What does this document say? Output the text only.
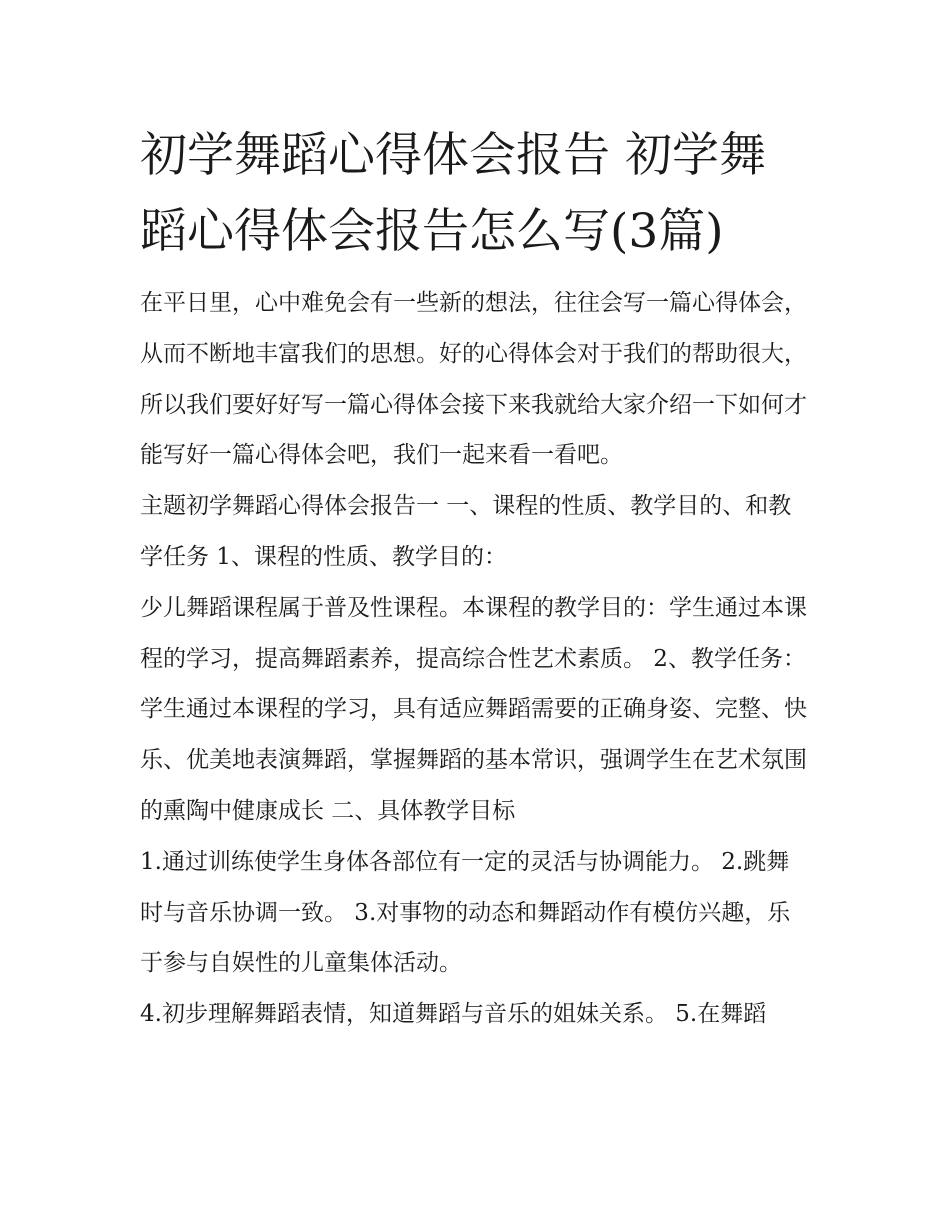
初学舞蹈心得体会报告 初学舞蹈心得体会报告怎么写(3篇)

在平日里，心中难免会有一些新的想法，往往会写一篇心得体会，从而不断地丰富我们的思想。好的心得体会对于我们的帮助很大，所以我们要好好写一篇心得体会接下来我就给大家介绍一下如何才能写好一篇心得体会吧，我们一起来看一看吧。

主题初学舞蹈心得体会报告一 一、课程的性质、教学目的、和教学任务 1、课程的性质、教学目的：

少儿舞蹈课程属于普及性课程。本课程的教学目的：学生通过本课程的学习，提高舞蹈素养，提高综合性艺术素质。 2、教学任务：

学生通过本课程的学习，具有适应舞蹈需要的正确身姿、完整、快乐、优美地表演舞蹈，掌握舞蹈的基本常识，强调学生在艺术氛围的熏陶中健康成长 二、具体教学目标

1.通过训练使学生身体各部位有一定的灵活与协调能力。 2.跳舞时与音乐协调一致。 3.对事物的动态和舞蹈动作有模仿兴趣，乐于参与自娱性的儿童集体活动。

4.初步理解舞蹈表情，知道舞蹈与音乐的姐妹关系。 5.在舞蹈
